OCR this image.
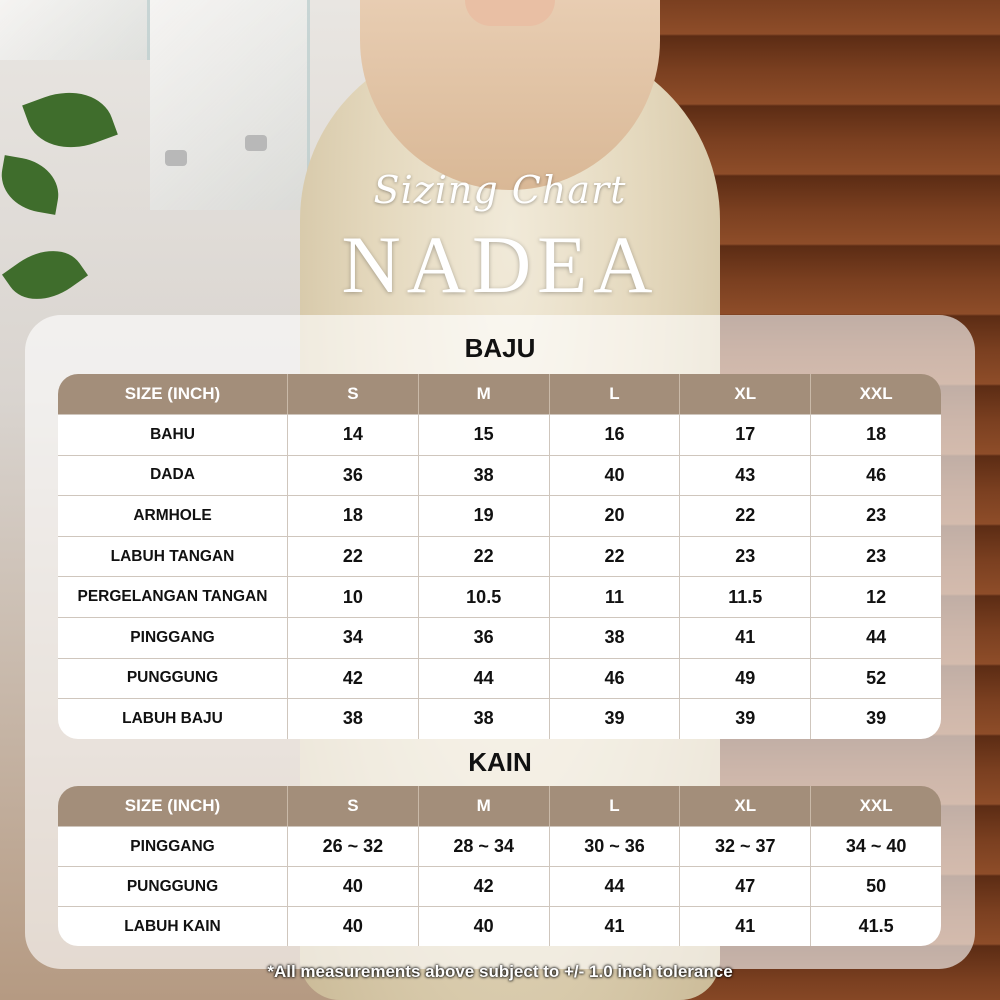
Sizing Chart
NADEA
BAJU
KAIN
SIZE (INCH)	S	M	L	XL	XXL
BAHU	14	15	16	17	18
DADA	36	38	40	43	46
ARMHOLE	18	19	20	22	23
LABUH TANGAN	22	22	22	23	23
PERGELANGAN TANGAN	10	10.5	11	11.5	12
PINGGANG	34	36	38	41	44
PUNGGUNG	42	44	46	49	52
LABUH BAJU	38	38	39	39	39
SIZE (INCH)	S	M	L	XL	XXL
PINGGANG	26 ~ 32	28 ~ 34	30 ~ 36	32 ~ 37	34 ~ 40
PUNGGUNG	40	42	44	47	50
LABUH KAIN	40	40	41	41	41.5
*All measurements above subject to +/- 1.0 inch tolerance
